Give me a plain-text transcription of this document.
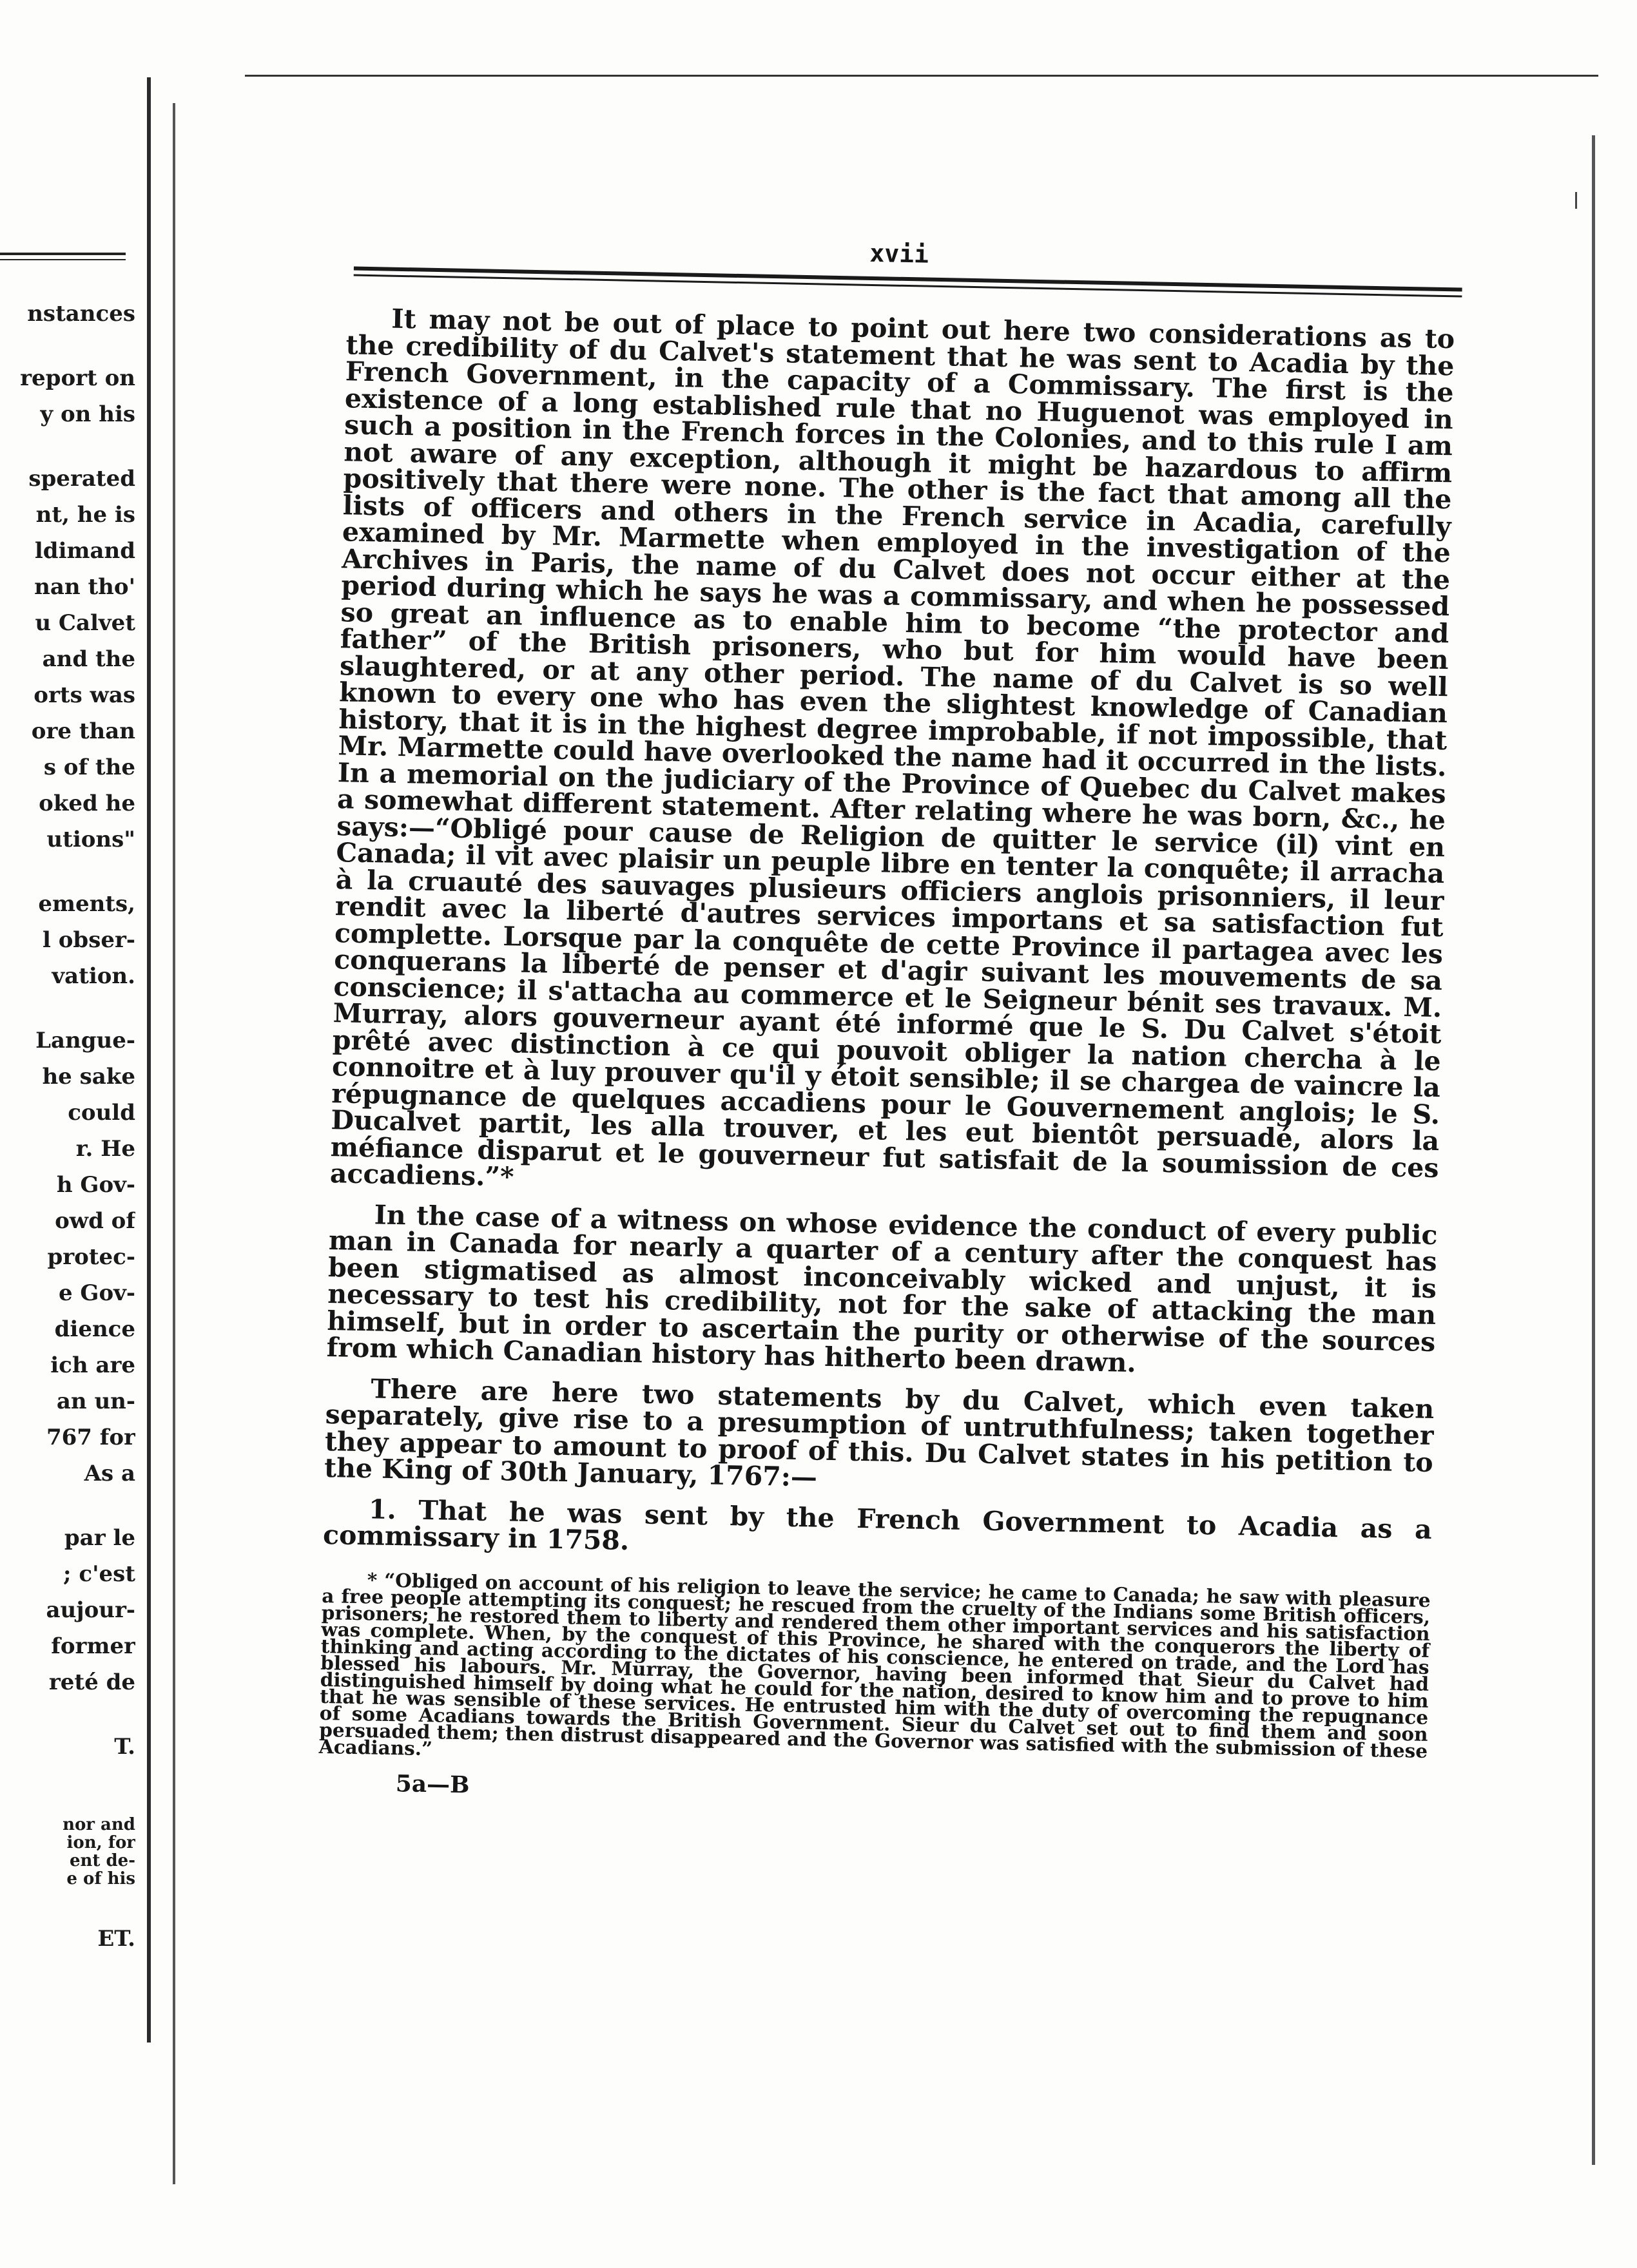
nstances
report on
y on his
sperated
nt, he is
ldimand
nan tho'
u Calvet
and the
orts was
ore than
s of the
oked he
utions"
ements,
l obser-
vation.
Langue-
he sake
could
r. He
h Gov-
owd of
protec-
e Gov-
dience
ich are
an un-
767 for
As a
par le
; c'est
aujour-
former
reté de
T.
nor and
ion, for
ent de-
e of his
ET.
xvii

It may not be out of place to point out here two considerations as to the credibility of du Calvet's statement that he was sent to Acadia by the French Government, in the capacity of a Commissary. The first is the existence of a long established rule that no Huguenot was employed in such a position in the French forces in the Colonies, and to this rule I am not aware of any exception, although it might be hazardous to affirm positively that there were none. The other is the fact that among all the lists of officers and others in the French service in Acadia, carefully examined by Mr. Marmette when employed in the investigation of the Archives in Paris, the name of du Calvet does not occur either at the period during which he says he was a commissary, and when he possessed so great an influence as to enable him to become “the protector and father” of the British prisoners, who but for him would have been slaughtered, or at any other period. The name of du Calvet is so well known to every one who has even the slightest knowledge of Canadian history, that it is in the highest degree improbable, if not impossible, that Mr. Marmette could have overlooked the name had it occurred in the lists. In a memorial on the judiciary of the Province of Quebec du Calvet makes a somewhat different statement. After relating where he was born, &c., he says:—“Obligé pour cause de Religion de quitter le service (il) vint en Canada; il vit avec plaisir un peuple libre en tenter la conquête; il arracha à la cruauté des sauvages plusieurs officiers anglois prisonniers, il leur rendit avec la liberté d'autres services importans et sa satisfaction fut complette. Lorsque par la conquête de cette Province il partagea avec les conquerans la liberté de penser et d'agir suivant les mouvements de sa conscience; il s'attacha au commerce et le Seigneur bénit ses travaux. M. Murray, alors gouverneur ayant été informé que le S. Du Calvet s'étoit prêté avec distinction à ce qui pouvoit obliger la nation chercha à le connoitre et à luy prouver qu'il y étoit sensible; il se chargea de vaincre la répugnance de quelques accadiens pour le Gouvernement anglois; le S. Ducalvet partit, les alla trouver, et les eut bientôt persuadé, alors la méfiance disparut et le gouverneur fut satisfait de la soumission de ces accadiens.”*

In the case of a witness on whose evidence the conduct of every public man in Canada for nearly a quarter of a century after the conquest has been stigmatised as almost inconceivably wicked and unjust, it is necessary to test his credibility, not for the sake of attacking the man himself, but in order to ascertain the purity or otherwise of the sources from which Canadian history has hitherto been drawn.

There are here two statements by du Calvet, which even taken separately, give rise to a presumption of untruthfulness; taken together they appear to amount to proof of this. Du Calvet states in his petition to the King of 30th January, 1767:—

1. That he was sent by the French Government to Acadia as a commissary in 1758.

* “Obliged on account of his religion to leave the service; he came to Canada; he saw with pleasure a free people attempting its conquest; he rescued from the cruelty of the Indians some British officers, prisoners; he restored them to liberty and rendered them other important services and his satisfaction was complete. When, by the conquest of this Province, he shared with the conquerors the liberty of thinking and acting according to the dictates of his conscience, he entered on trade, and the Lord has blessed his labours. Mr. Murray, the Governor, having been informed that Sieur du Calvet had distinguished himself by doing what he could for the nation, desired to know him and to prove to him that he was sensible of these services. He entrusted him with the duty of overcoming the repugnance of some Acadians towards the British Government. Sieur du Calvet set out to find them and soon persuaded them; then distrust disappeared and the Governor was satisfied with the submission of these Acadians.”

5a—B
